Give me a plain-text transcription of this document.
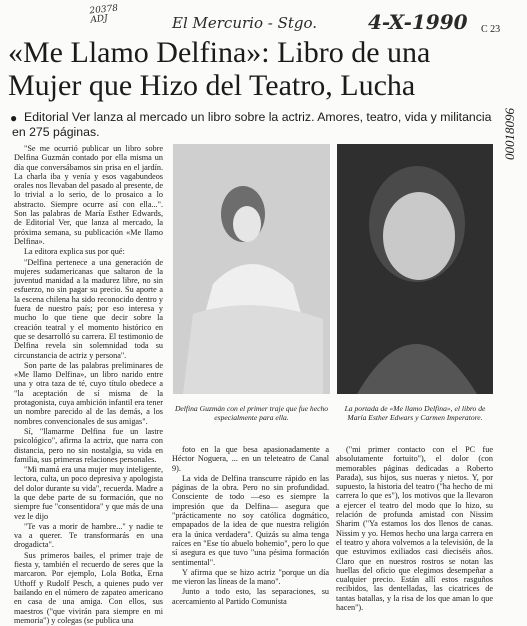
20378
ADJ	El Mercurio - Stgo.	4-X-1990 C 23
00018096
«Me Llamo Delfina»: Libro de una Mujer que Hizo del Teatro, Lucha
● Editorial Ver lanza al mercado un libro sobre la actriz. Amores, teatro, vida y militancia en 275 páginas.

"Se me ocurrió publicar un libro sobre Delfina Guzmán contado por ella misma un día que conversábamos sin prisa en el jardín. La charla iba y venía y esos vagabundeos orales nos llevaban del pasado al presente, de lo trivial a lo serio, de lo prosaico a lo abstracto. Siempre ocurre así con ella...". Son las palabras de María Esther Edwards, de Editorial Ver, que lanza al mercado, la próxima semana, su publicación «Me llamo Delfina».

La editora explica sus por qué:

"Delfina pertenece a una generación de mujeres sudamericanas que saltaron de la juventud manidad a la madurez libre, no sin esfuerzo, no sin pagar su precio. Su aporte a la escena chilena ha sido reconocido dentro y fuera de nuestro país; por eso interesa y mucho lo que tiene que decir sobre la creación teatral y el momento histórico en que se desarrolló su carrera. El testimonio de Delfina revela sin solemnidad toda su circunstancia de actriz y persona".

Son parte de las palabras preliminares de «Me llamo Delfina», un libro narido entre una y otra taza de té, cuyo título obedece a "la aceptación de sí misma de la protagonista, cuya ambición infantil era tener un nombre parecido al de las demás, a los nombres convencionales de sus amigas".

Sí, "llamarme Delfina fue un lastre psicológico", afirma la actriz, que narra con distancia, pero no sin nostalgia, su vida en familia, sus primeras relaciones personales.

"Mi mamá era una mujer muy inteligente, lectora, culta, un poco depresiva y apologista del dolor durante su vida", recuerda. Madre a la que debe parte de su formación, que no siempre fue "consentidora" y que más de una vez le dijo

"Te vas a morir de hambre..." y nadie te va a querer. Te transformarás en una drogadicta".

Sus primeros bailes, el primer traje de fiesta y, también el recuerdo de seres que la marcaron. Por ejemplo, Lola Botka, Erna Uthoff y Rudolf Pesch, a quienes pudo ver bailando en el número de zapateo americano en casa de una amiga. Con ellos, sus maestros ("que vivirán para siempre en mi memoria") y colegas (se publica una

Delfina Guzmán con el primer traje que fue hecho especialmente para ella.
La portada de «Me llamo Delfina», el libro de María Esther Edwars y Carmen Imperatore.

foto en la que besa apasionadamente a Héctor Noguera, ... en un teleteatro de Canal 9).

La vida de Delfina transcurre rápido en las páginas de la obra. Pero no sin profundidad. Consciente de todo —eso es siempre la impresión que da Delfina— asegura que "prácticamente no soy católica dogmático, empapados de la idea de que nuestra religión era la única verdadera". Quizás su alma tenga raíces en "Ese tío abuelo bohemio", pero lo que sí asegura es que tuvo "una pésima formación sentimental".

Y afirma que se hizo actriz "porque un día me vieron las líneas de la mano".

Junto a todo esto, las separaciones, su acercamiento al Partido Comunista

("mi primer contacto con el PC fue absolutamente fortuito"), el dolor (con memorables páginas dedicadas a Roberto Parada), sus hijos, sus nueras y nietos. Y, por supuesto, la historia del teatro ("ha hecho de mi carrera lo que es"), los motivos que la llevaron a ejercer el teatro del modo que lo hizo, su relación de profunda amistad con Nissim Sharim ("Ya estamos los dos llenos de canas. Nissim y yo. Hemos hecho una larga carrera en el teatro y ahora volvemos a la televisión, de la que estuvimos exiliados casi dieciséis años. Claro que en nuestros rostros se notan las huellas del oficio que elegimos desempeñar a cualquier precio. Están allí estos rasguños recibidos, las dentelladas, las cicatrices de tantas batallas, y la risa de los que aman lo que hacen").
